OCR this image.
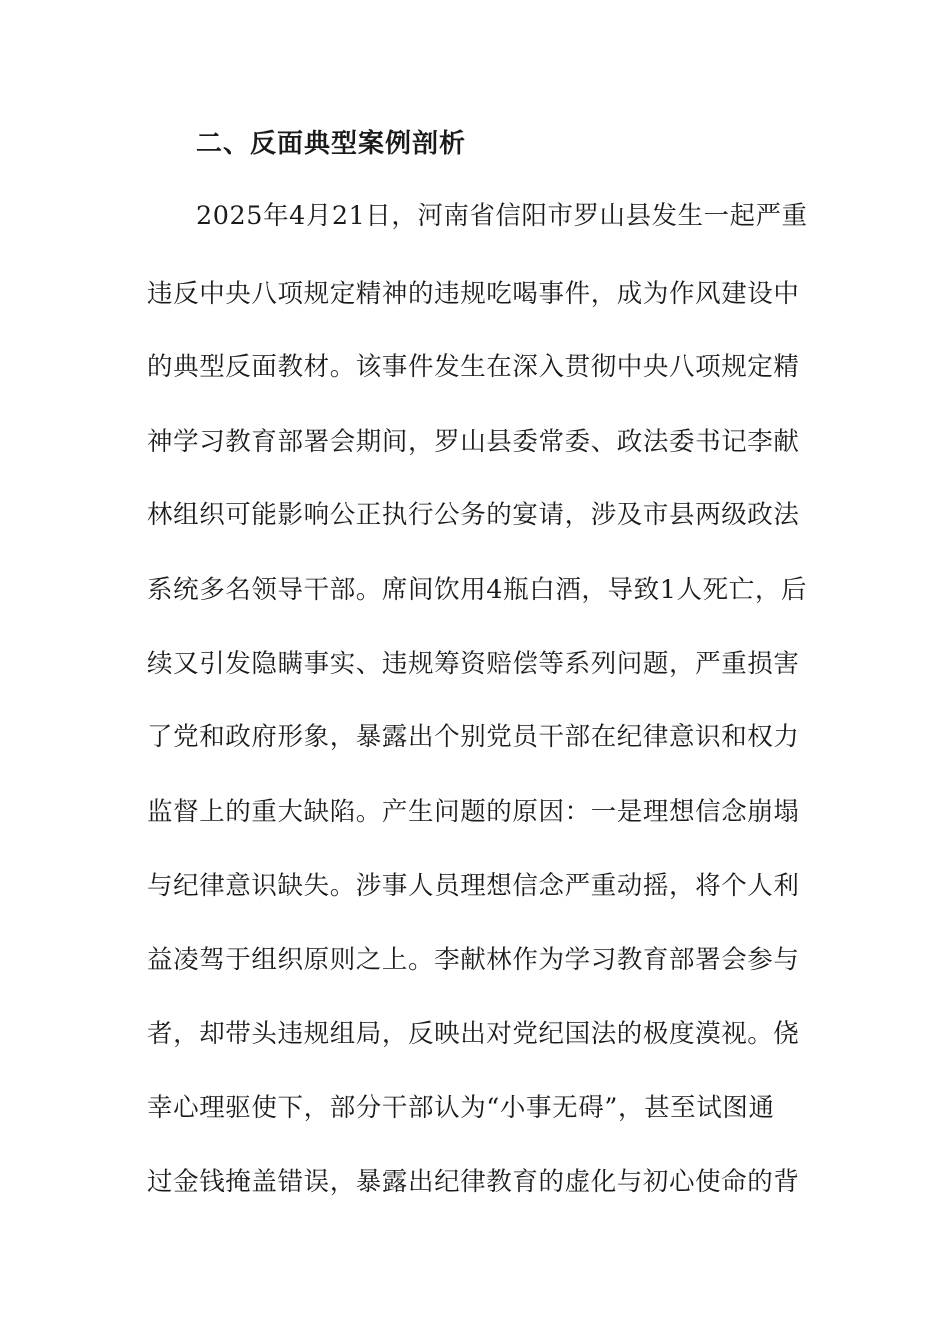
二、反面典型案例剖析
2025年4月21日，河南省信阳市罗山县发生一起严重
违反中央八项规定精神的违规吃喝事件，成为作风建设中
的典型反面教材。该事件发生在深入贯彻中央八项规定精
神学习教育部署会期间，罗山县委常委、政法委书记李献
林组织可能影响公正执行公务的宴请，涉及市县两级政法
系统多名领导干部。席间饮用4瓶白酒，导致1人死亡，后
续又引发隐瞒事实、违规筹资赔偿等系列问题，严重损害
了党和政府形象，暴露出个别党员干部在纪律意识和权力
监督上的重大缺陷。产生问题的原因：一是理想信念崩塌
与纪律意识缺失。涉事人员理想信念严重动摇，将个人利
益凌驾于组织原则之上。李献林作为学习教育部署会参与
者，却带头违规组局，反映出对党纪国法的极度漠视。侥
幸心理驱使下，部分干部认为“小事无碍”，甚至试图通
过金钱掩盖错误，暴露出纪律教育的虚化与初心使命的背
